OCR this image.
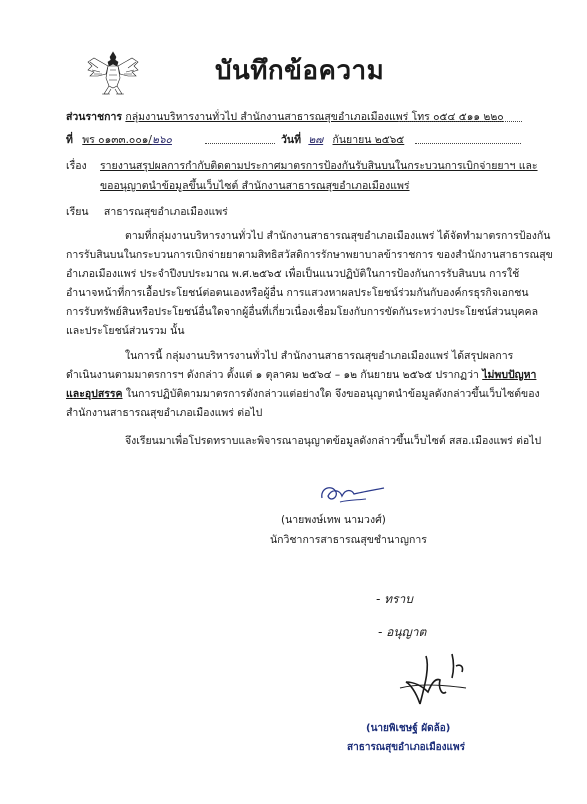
บันทึกข้อความ
ส่วนราชการ กลุ่มงานบริหารงานทั่วไป สำนักงานสาธารณสุขอำเภอเมืองแพร่ โทร ๐๕๔ ๕๑๑ ๒๒๐
ที่ พร ๐๑๓๓.๐๐๑/๒๖๐	วันที่ ๒๗ กันยายน ๒๕๖๕
เรื่อง รายงานสรุปผลการกำกับติดตามประกาศมาตรการป้องกันรับสินบนในกระบวนการเบิกจ่ายยาฯ และ
ขออนุญาตนำข้อมูลขึ้นเว็บไซต์ สำนักงานสาธารณสุขอำเภอเมืองแพร่
เรียน สาธารณสุขอำเภอเมืองแพร่
ตามที่กลุ่มงานบริหารงานทั่วไป สำนักงานสาธารณสุขอำเภอเมืองแพร่ ได้จัดทำมาตรการป้องกัน
การรับสินบนในกระบวนการเบิกจ่ายยาตามสิทธิสวัสดิการรักษาพยาบาลข้าราชการ ของสำนักงานสาธารณสุข
อำเภอเมืองแพร่ ประจำปีงบประมาณ พ.ศ.๒๕๖๕ เพื่อเป็นแนวปฏิบัติในการป้องกันการรับสินบน การใช้
อำนาจหน้าที่การเอื้อประโยชน์ต่อตนเองหรือผู้อื่น การแสวงหาผลประโยชน์ร่วมกันกับองค์กรธุรกิจเอกชน
การรับทรัพย์สินหรือประโยชน์อื่นใดจากผู้อื่นที่เกี่ยวเนื่องเชื่อมโยงกับการขัดกันระหว่างประโยชน์ส่วนบุคคล
และประโยชน์ส่วนรวม นั้น
ในการนี้ กลุ่มงานบริหารงานทั่วไป สำนักงานสาธารณสุขอำเภอเมืองแพร่ ได้สรุปผลการ
ดำเนินงานตามมาตรการฯ ดังกล่าว ตั้งแต่ ๑ ตุลาคม ๒๕๖๔ – ๑๒ กันยายน ๒๕๖๕ ปรากฏว่า ไม่พบปัญหา
และอุปสรรค ในการปฏิบัติตามมาตรการดังกล่าวแต่อย่างใด จึงขออนุญาตนำข้อมูลดังกล่าวขึ้นเว็บไซต์ของ
สำนักงานสาธารณสุขอำเภอเมืองแพร่ ต่อไป
จึงเรียนมาเพื่อโปรดทราบและพิจารณาอนุญาตข้อมูลดังกล่าวขึ้นเว็บไซต์ สสอ.เมืองแพร่ ต่อไป
(นายพงษ์เทพ นามวงศ์)
นักวิชาการสาธารณสุขชำนาญการ
- ทราบ
- อนุญาต
(นายพิเชษฐ์ ผัดล้อ)
สาธารณสุขอำเภอเมืองแพร่
